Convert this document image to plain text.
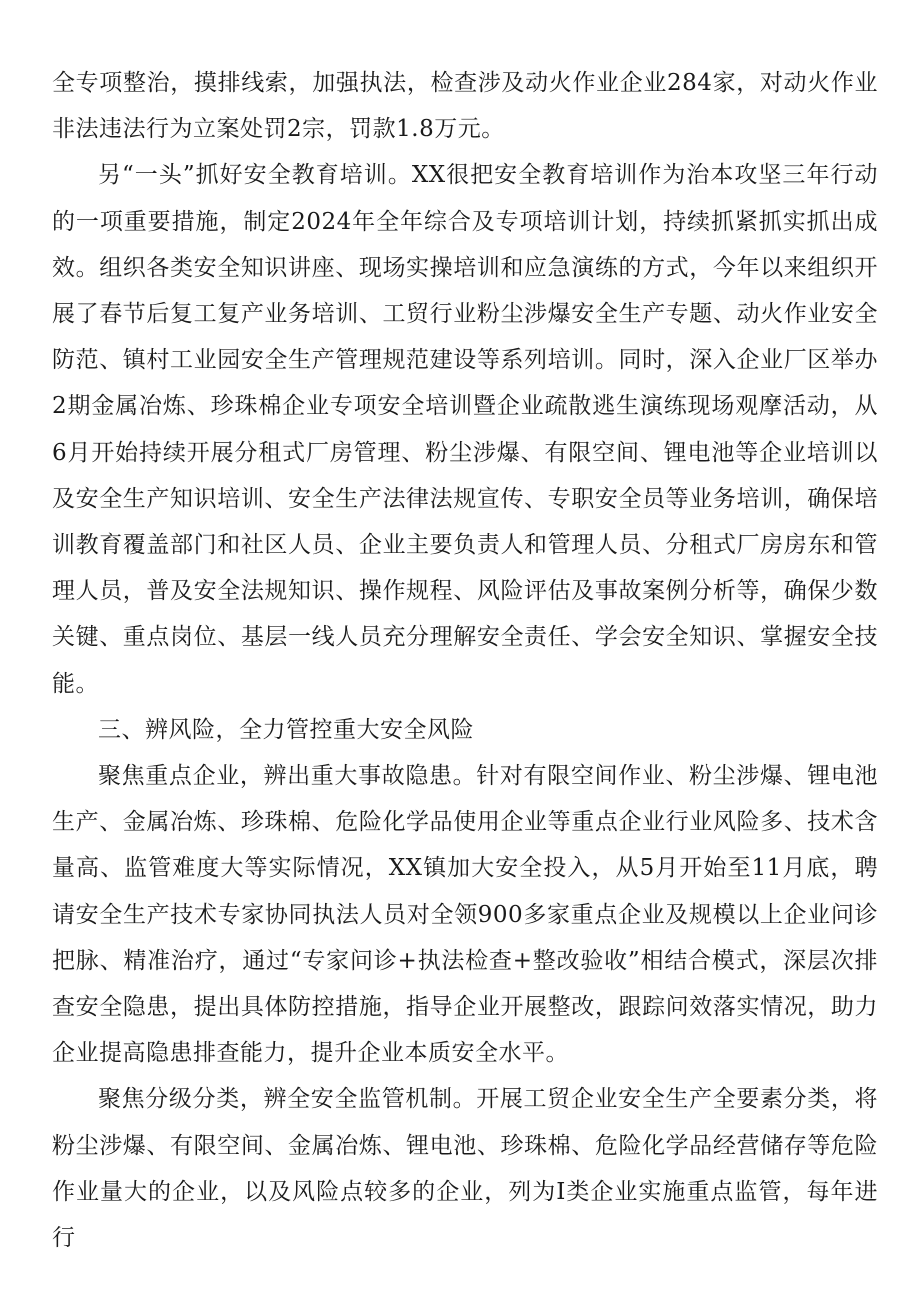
全专项整治，摸排线索，加强执法，检查涉及动火作业企业284家，对动火作业非法违法行为立案处罚2宗，罚款1.8万元。

另“一头”抓好安全教育培训。XX很把安全教育培训作为治本攻坚三年行动的一项重要措施，制定2024年全年综合及专项培训计划，持续抓紧抓实抓出成效。组织各类安全知识讲座、现场实操培训和应急演练的方式，今年以来组织开展了春节后复工复产业务培训、工贸行业粉尘涉爆安全生产专题、动火作业安全防范、镇村工业园安全生产管理规范建设等系列培训。同时，深入企业厂区举办2期金属冶炼、珍珠棉企业专项安全培训暨企业疏散逃生演练现场观摩活动，从6月开始持续开展分租式厂房管理、粉尘涉爆、有限空间、锂电池等企业培训以及安全生产知识培训、安全生产法律法规宣传、专职安全员等业务培训，确保培训教育覆盖部门和社区人员、企业主要负责人和管理人员、分租式厂房房东和管理人员，普及安全法规知识、操作规程、风险评估及事故案例分析等，确保少数关键、重点岗位、基层一线人员充分理解安全责任、学会安全知识、掌握安全技能。

三、辨风险，全力管控重大安全风险

聚焦重点企业，辨出重大事故隐患。针对有限空间作业、粉尘涉爆、锂电池生产、金属冶炼、珍珠棉、危险化学品使用企业等重点企业行业风险多、技术含量高、监管难度大等实际情况，XX镇加大安全投入，从5月开始至11月底，聘请安全生产技术专家协同执法人员对全领900多家重点企业及规模以上企业问诊把脉、精准治疗，通过“专家问诊+执法检查+整改验收”相结合模式，深层次排查安全隐患，提出具体防控措施，指导企业开展整改，跟踪问效落实情况，助力企业提高隐患排查能力，提升企业本质安全水平。

聚焦分级分类，辨全安全监管机制。开展工贸企业安全生产全要素分类，将粉尘涉爆、有限空间、金属冶炼、锂电池、珍珠棉、危险化学品经营储存等危险作业量大的企业，以及风险点较多的企业，列为I类企业实施重点监管，每年进行
